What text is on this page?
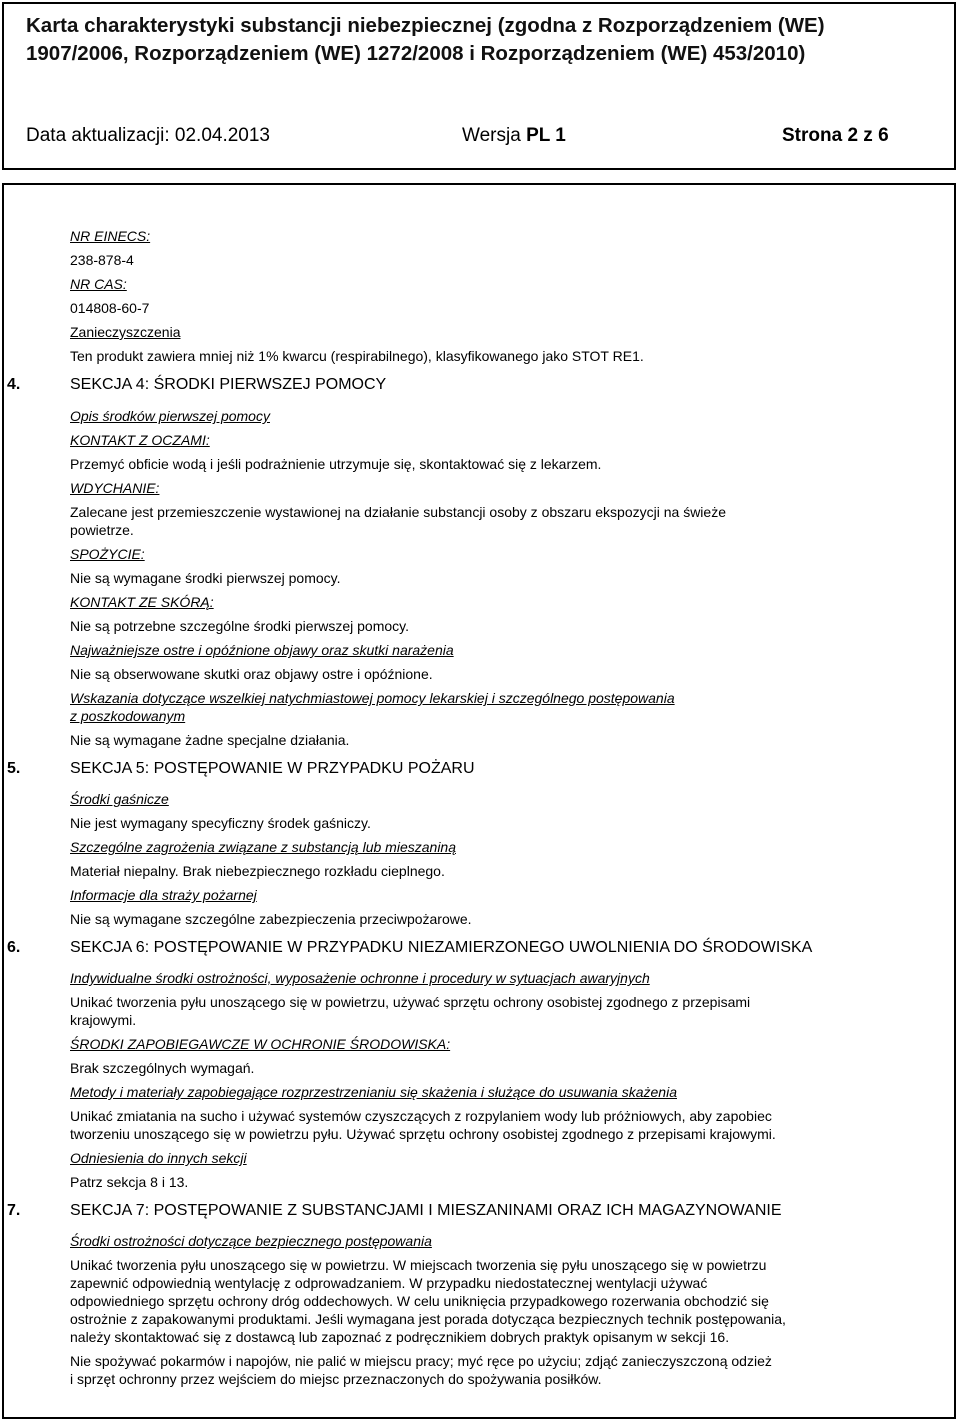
Karta charakterystyki substancji niebezpiecznej (zgodna z Rozporządzeniem (WE)
1907/2006, Rozporządzeniem (WE) 1272/2008 i Rozporządzeniem (WE) 453/2010)
Data aktualizacji: 02.04.2013	Wersja PL 1	Strona 2 z 6
NR EINECS:
238-878-4
NR CAS:
014808-60-7
Zanieczyszczenia
Ten produkt zawiera mniej niż 1% kwarcu (respirabilnego), klasyfikowanego jako STOT RE1.
4.	SEKCJA 4: ŚRODKI PIERWSZEJ POMOCY
Opis środków pierwszej pomocy
KONTAKT Z OCZAMI:
Przemyć obficie wodą i jeśli podrażnienie utrzymuje się, skontaktować się z lekarzem.
WDYCHANIE:
Zalecane jest przemieszczenie wystawionej na działanie substancji osoby z obszaru ekspozycji na świeże
powietrze.
SPOŻYCIE:
Nie są wymagane środki pierwszej pomocy.
KONTAKT ZE SKÓRĄ:
Nie są potrzebne szczególne środki pierwszej pomocy.
Najważniejsze ostre i opóźnione objawy oraz skutki narażenia
Nie są obserwowane skutki oraz objawy ostre i opóźnione.
Wskazania dotyczące wszelkiej natychmiastowej pomocy lekarskiej i szczególnego postępowania
z poszkodowanym
Nie są wymagane żadne specjalne działania.
5.	SEKCJA 5: POSTĘPOWANIE W PRZYPADKU POŻARU
Środki gaśnicze
Nie jest wymagany specyficzny środek gaśniczy.
Szczególne zagrożenia związane z substancją lub mieszaniną
Materiał niepalny. Brak niebezpiecznego rozkładu cieplnego.
Informacje dla straży pożarnej
Nie są wymagane szczególne zabezpieczenia przeciwpożarowe.
6.	SEKCJA 6: POSTĘPOWANIE W PRZYPADKU NIEZAMIERZONEGO UWOLNIENIA DO ŚRODOWISKA
Indywidualne środki ostrożności, wyposażenie ochronne i procedury w sytuacjach awaryjnych
Unikać tworzenia pyłu unoszącego się w powietrzu, używać sprzętu ochrony osobistej zgodnego z przepisami
krajowymi.
ŚRODKI ZAPOBIEGAWCZE W OCHRONIE ŚRODOWISKA:
Brak szczególnych wymagań.
Metody i materiały zapobiegające rozprzestrzenianiu się skażenia i służące do usuwania skażenia
Unikać zmiatania na sucho i używać systemów czyszczących z rozpylaniem wody lub próżniowych, aby zapobiec
tworzeniu unoszącego się w powietrzu pyłu. Używać sprzętu ochrony osobistej zgodnego z przepisami krajowymi.
Odniesienia do innych sekcji
Patrz sekcja 8 i 13.
7.	SEKCJA 7: POSTĘPOWANIE Z SUBSTANCJAMI I MIESZANINAMI ORAZ ICH MAGAZYNOWANIE
Środki ostrożności dotyczące bezpiecznego postępowania
Unikać tworzenia pyłu unoszącego się w powietrzu. W miejscach tworzenia się pyłu unoszącego się w powietrzu
zapewnić odpowiednią wentylację z odprowadzaniem. W przypadku niedostatecznej wentylacji używać
odpowiedniego sprzętu ochrony dróg oddechowych. W celu uniknięcia przypadkowego rozerwania obchodzić się
ostrożnie z zapakowanymi produktami. Jeśli wymagana jest porada dotycząca bezpiecznych technik postępowania,
należy skontaktować się z dostawcą lub zapoznać z podręcznikiem dobrych praktyk opisanym w sekcji 16.
Nie spożywać pokarmów i napojów, nie palić w miejscu pracy; myć ręce po użyciu; zdjąć zanieczyszczoną odzież
i sprzęt ochronny przez wejściem do miejsc przeznaczonych do spożywania posiłków.
